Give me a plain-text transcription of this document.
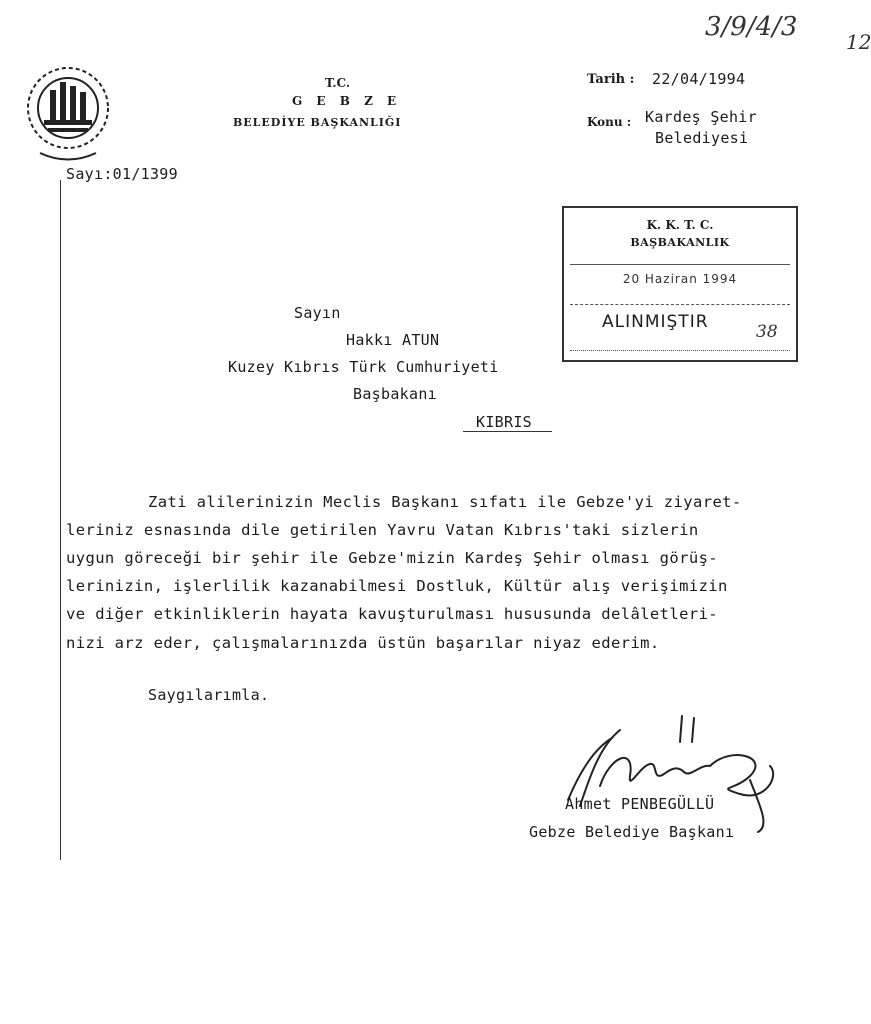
T.C.
G E B Z E
BELEDİYE BAŞKANLIĞI
Tarih : 22/04/1994
Konu : Kardeş Şehir
Belediyesi
Sayı:01/1399
K. K. T. C.
BAŞBAKANLIK
20 Haziran 1994
ALINMIŞTIR	38
Sayın
Hakkı ATUN
Kuzey Kıbrıs Türk Cumhuriyeti
Başbakanı
KIBRIS
Zati alilerinizin Meclis Başkanı sıfatı ile Gebze'yi ziyaret-
leriniz esnasında dile getirilen Yavru Vatan Kıbrıs'taki sizlerin
uygun göreceği bir şehir ile Gebze'mizin Kardeş Şehir olması görüş-
lerinizin, işlerlilik kazanabilmesi Dostluk, Kültür alış verişimizin
ve diğer etkinliklerin hayata kavuşturulması hususunda delâletleri-
nizi arz eder, çalışmalarınızda üstün başarılar niyaz ederim.
Saygılarımla.
Ahmet PENBEGÜLLÜ
Gebze Belediye Başkanı
3/9/4/3 12
